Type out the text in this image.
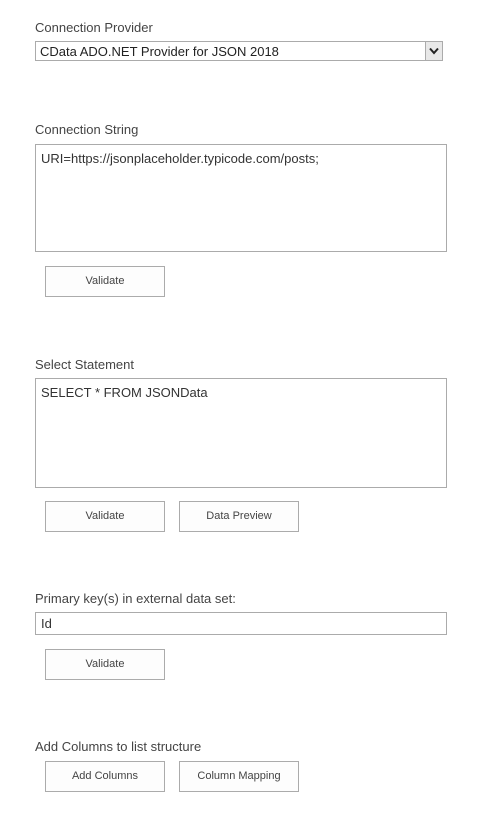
Connection Provider
CData ADO.NET Provider for JSON 2018
Connection String
URI=https://jsonplaceholder.typicode.com/posts;
Validate
Select Statement
SELECT * FROM JSONData
Validate	Data Preview
Primary key(s) in external data set:
Id
Validate
Add Columns to list structure
Add Columns	Column Mapping
